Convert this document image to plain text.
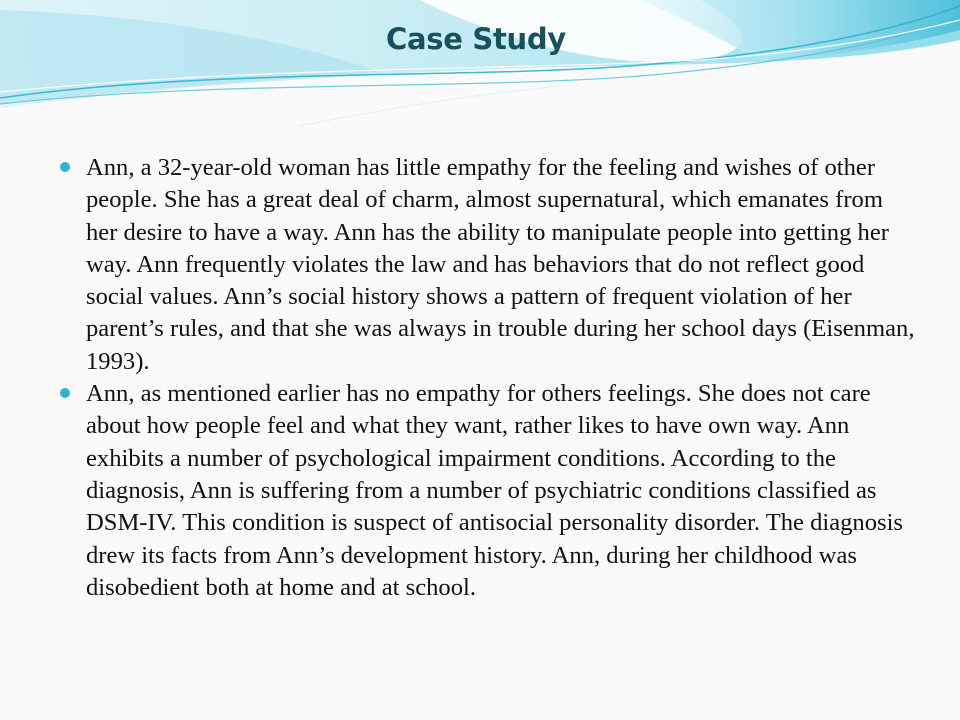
Case Study
Ann, a 32-year-old woman has little empathy for the feeling and wishes of other people. She has a great deal of charm, almost supernatural, which emanates from her desire to have a way. Ann has the ability to manipulate people into getting her way. Ann frequently violates the law and has behaviors that do not reflect good social values. Ann’s social history shows a pattern of frequent violation of her parent’s rules, and that she was always in trouble during her school days (Eisenman, 1993).
Ann, as mentioned earlier has no empathy for others feelings. She does not care about how people feel and what they want, rather likes to have own way. Ann exhibits a number of psychological impairment conditions. According to the diagnosis, Ann is suffering from a number of psychiatric conditions classified as DSM-IV. This condition is suspect of antisocial personality disorder. The diagnosis drew its facts from Ann’s development history. Ann, during her childhood was disobedient both at home and at school.
